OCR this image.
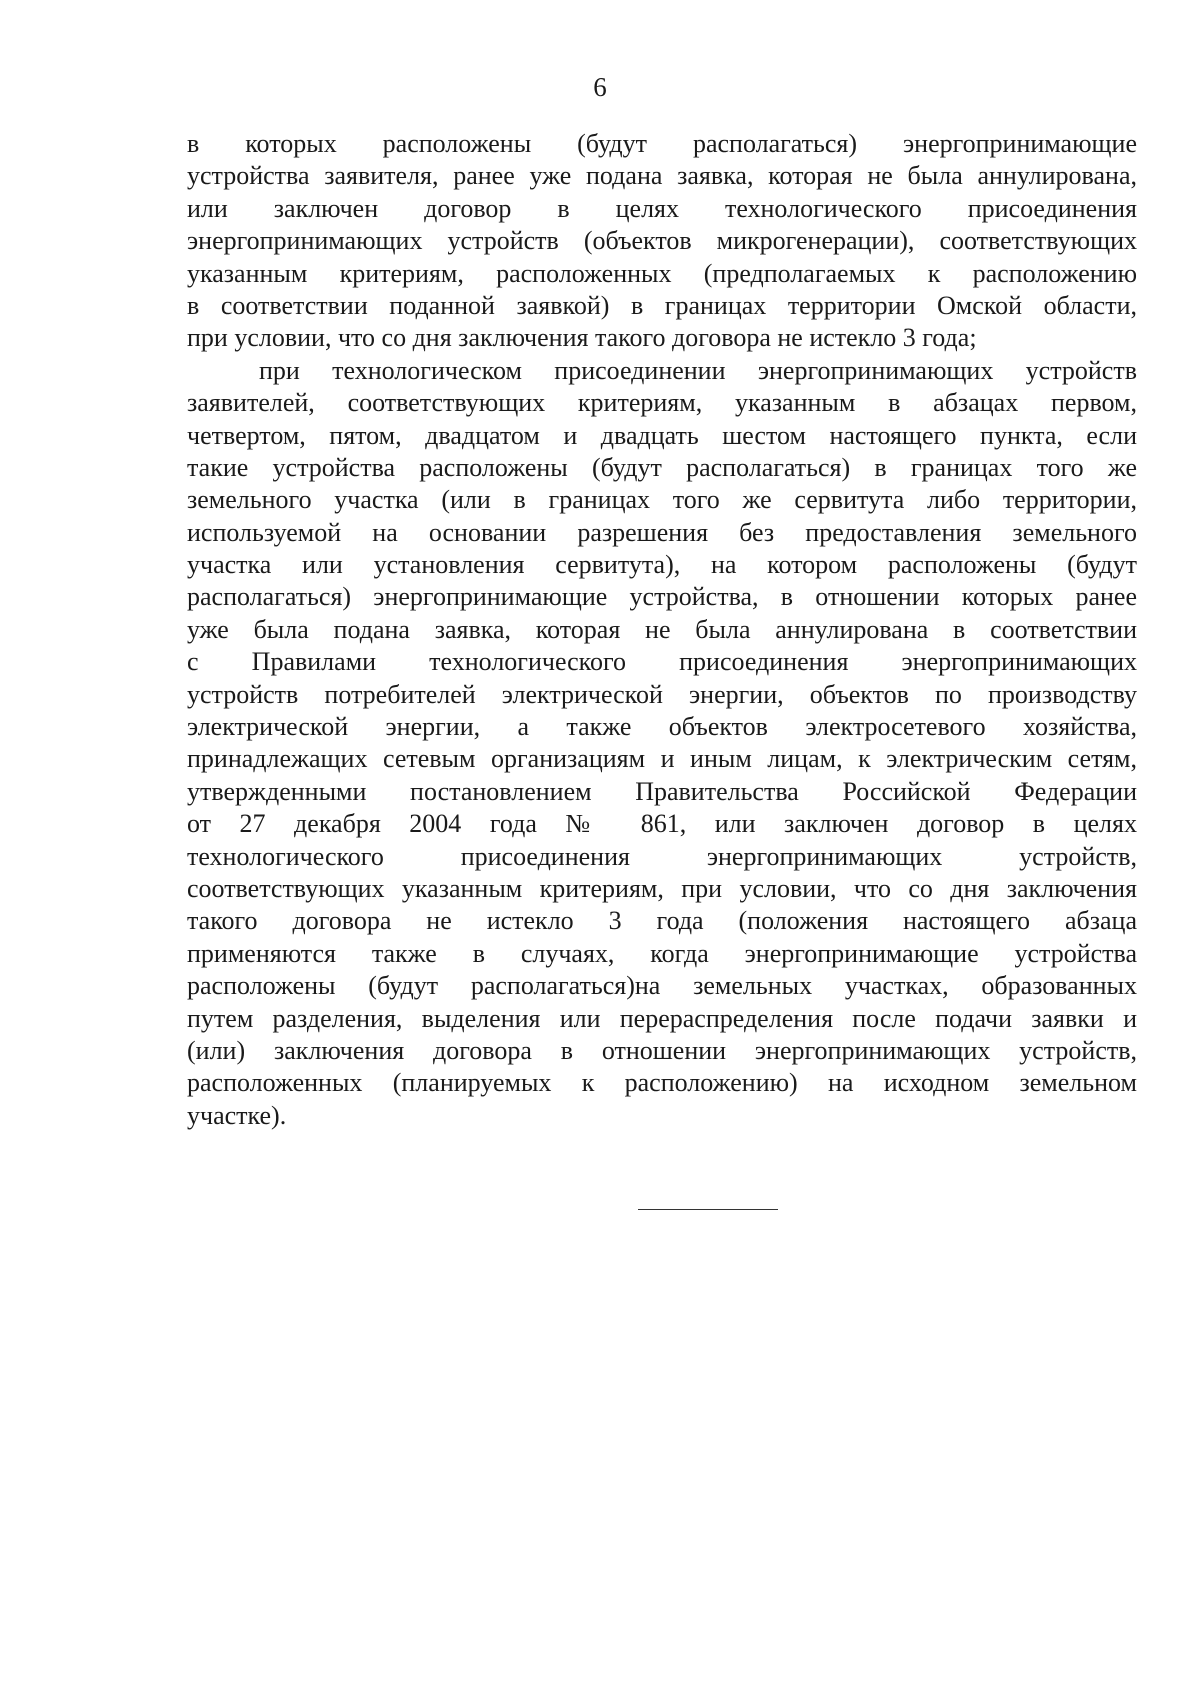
6

в которых расположены (будут располагаться) энергопринимающие
устройства заявителя, ранее уже подана заявка, которая не была аннулирована,
или заключен договор в целях технологического присоединения
энергопринимающих устройств (объектов микрогенерации), соответствующих
указанным критериям, расположенных (предполагаемых к расположению
в соответствии поданной заявкой) в границах территории Омской области,
при условии, что со дня заключения такого договора не истекло 3 года;

при технологическом присоединении энергопринимающих устройств
заявителей, соответствующих критериям, указанным в абзацах первом,
четвертом, пятом, двадцатом и двадцать шестом настоящего пункта, если
такие устройства расположены (будут располагаться) в границах того же
земельного участка (или в границах того же сервитута либо территории,
используемой на основании разрешения без предоставления земельного
участка или установления сервитута), на котором расположены (будут
располагаться) энергопринимающие устройства, в отношении которых ранее
уже была подана заявка, которая не была аннулирована в соответствии
с Правилами технологического присоединения энергопринимающих
устройств потребителей электрической энергии, объектов по производству
электрической энергии, а также объектов электросетевого хозяйства,
принадлежащих сетевым организациям и иным лицам, к электрическим сетям,
утвержденными постановлением Правительства Российской Федерации
от 27 декабря 2004 года № 861, или заключен договор в целях
технологического присоединения энергопринимающих устройств,
соответствующих указанным критериям, при условии, что со дня заключения
такого договора не истекло 3 года (положения настоящего абзаца
применяются также в случаях, когда энергопринимающие устройства
расположены (будут располагаться)на земельных участках, образованных
путем разделения, выделения или перераспределения после подачи заявки и
(или) заключения договора в отношении энергопринимающих устройств,
расположенных (планируемых к расположению) на исходном земельном
участке).
